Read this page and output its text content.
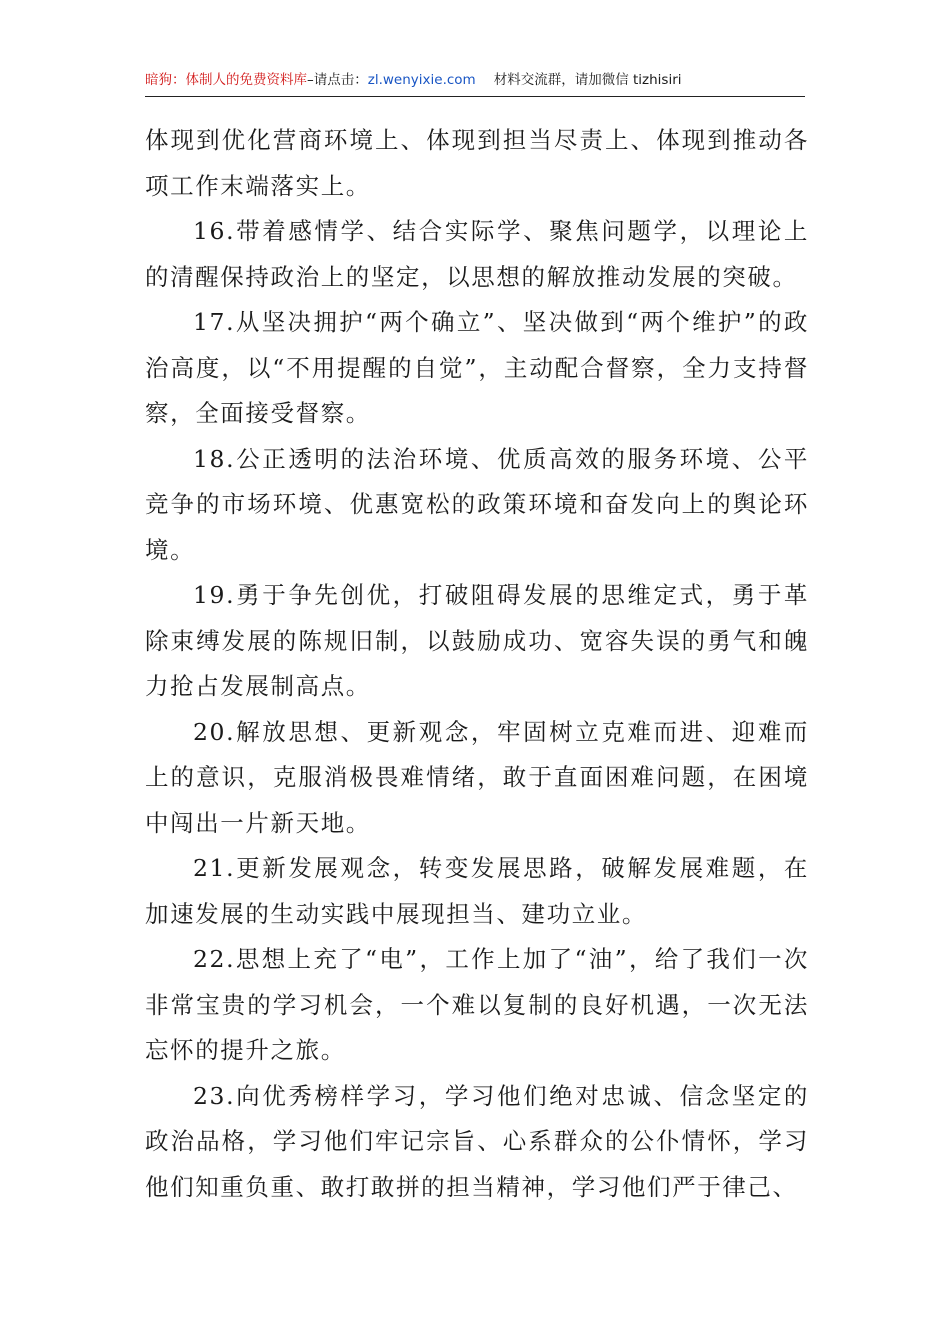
暗狗：体制人的免费资料库–请点击：zl.wenyixie.com 材料交流群，请加微信 tizhisiri

体现到优化营商环境上、体现到担当尽责上、体现到推动各项工作末端落实上。

16.带着感情学、结合实际学、聚焦问题学，以理论上的清醒保持政治上的坚定，以思想的解放推动发展的突破。

17.从坚决拥护“两个确立”、坚决做到“两个维护”的政治高度，以“不用提醒的自觉”，主动配合督察，全力支持督察，全面接受督察。

18.公正透明的法治环境、优质高效的服务环境、公平竞争的市场环境、优惠宽松的政策环境和奋发向上的舆论环境。

19.勇于争先创优，打破阻碍发展的思维定式，勇于革除束缚发展的陈规旧制，以鼓励成功、宽容失误的勇气和魄力抢占发展制高点。

20.解放思想、更新观念，牢固树立克难而进、迎难而上的意识，克服消极畏难情绪，敢于直面困难问题，在困境中闯出一片新天地。

21.更新发展观念，转变发展思路，破解发展难题，在加速发展的生动实践中展现担当、建功立业。

22.思想上充了“电”，工作上加了“油”，给了我们一次非常宝贵的学习机会，一个难以复制的良好机遇，一次无法忘怀的提升之旅。

23.向优秀榜样学习，学习他们绝对忠诚、信念坚定的政治品格，学习他们牢记宗旨、心系群众的公仆情怀，学习他们知重负重、敢打敢拼的担当精神，学习他们严于律己、
